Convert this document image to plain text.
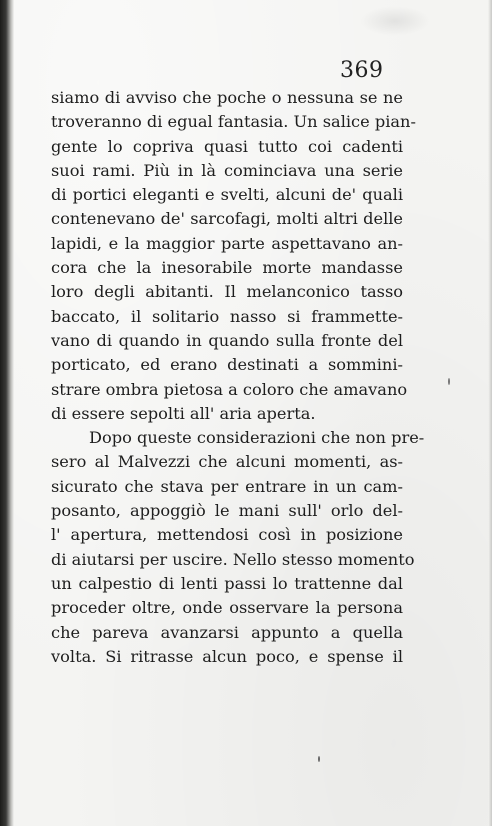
369
siamo di avviso che poche o nessuna se ne
troveranno di egual fantasia. Un salice pian-
gente lo copriva quasi tutto coi cadenti
suoi rami. Più in là cominciava una serie
di portici eleganti e svelti, alcuni de' quali
contenevano de' sarcofagi, molti altri delle
lapidi, e la maggior parte aspettavano an-
cora che la inesorabile morte mandasse
loro degli abitanti. Il melanconico tasso
baccato, il solitario nasso si frammette-
vano di quando in quando sulla fronte del
porticato, ed erano destinati a sommini-
strare ombra pietosa a coloro che amavano
di essere sepolti all' aria aperta.
Dopo queste considerazioni che non pre-
sero al Malvezzi che alcuni momenti, as-
sicurato che stava per entrare in un cam-
posanto, appoggiò le mani sull' orlo del-
l' apertura, mettendosi così in posizione
di aiutarsi per uscire. Nello stesso momento
un calpestio di lenti passi lo trattenne dal
proceder oltre, onde osservare la persona
che pareva avanzarsi appunto a quella
volta. Si ritrasse alcun poco, e spense il
